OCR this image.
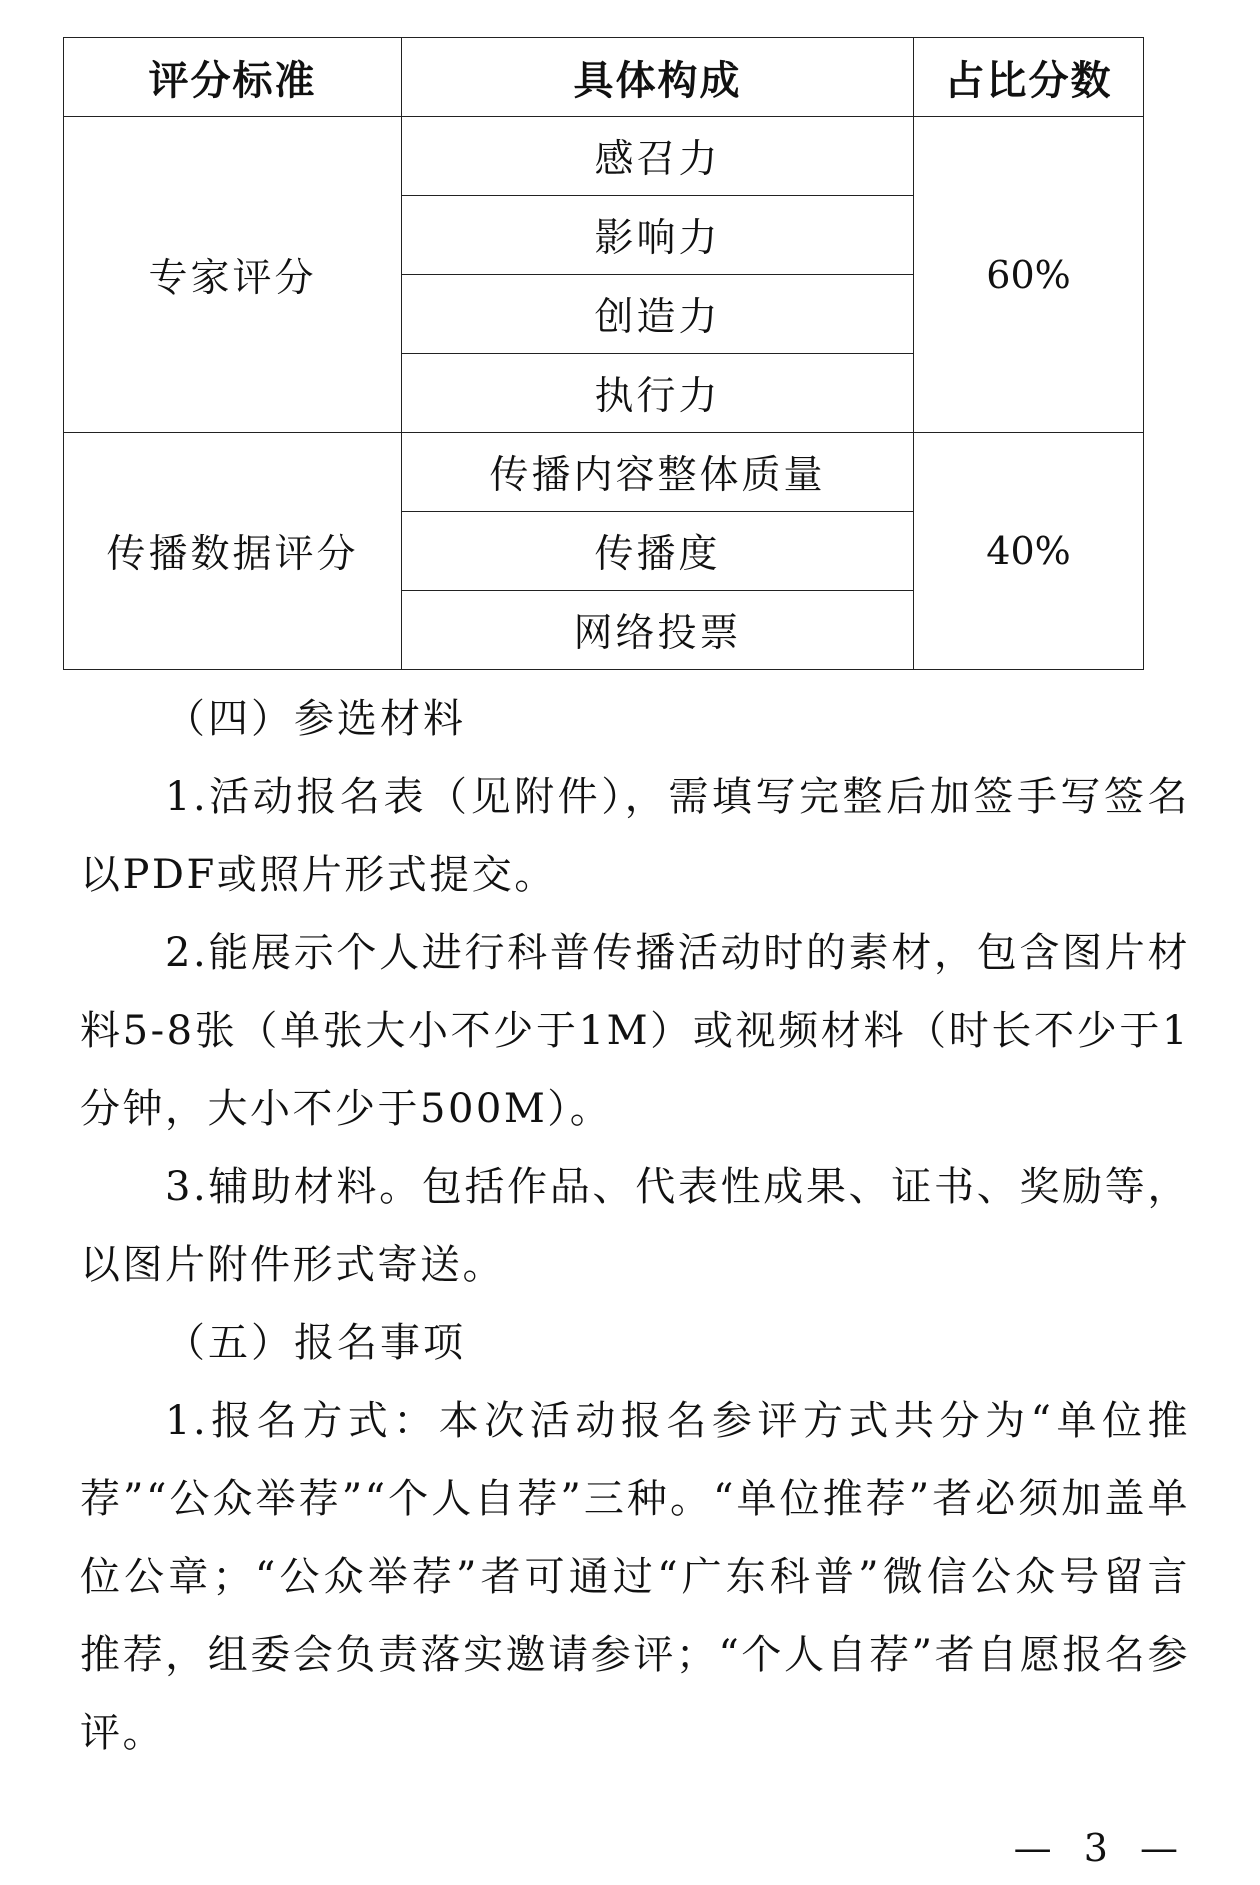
评分标准	具体构成	占比分数
专家评分	感召力	60%
	影响力	
	创造力	
	执行力	
传播数据评分	传播内容整体质量	40%
	传播度	
	网络投票	

（四）参选材料

1.活动报名表（见附件），需填写完整后加签手写签名以PDF或照片形式提交。

2.能展示个人进行科普传播活动时的素材，包含图片材料5-8张（单张大小不少于1M）或视频材料（时长不少于1分钟，大小不少于500M）。

3.辅助材料。包括作品、代表性成果、证书、奖励等，以图片附件形式寄送。

（五）报名事项

1.报名方式：本次活动报名参评方式共分为“单位推荐”“公众举荐”“个人自荐”三种。“单位推荐”者必须加盖单位公章；“公众举荐”者可通过“广东科普”微信公众号留言推荐，组委会负责落实邀请参评；“个人自荐”者自愿报名参评。

— 3 —
